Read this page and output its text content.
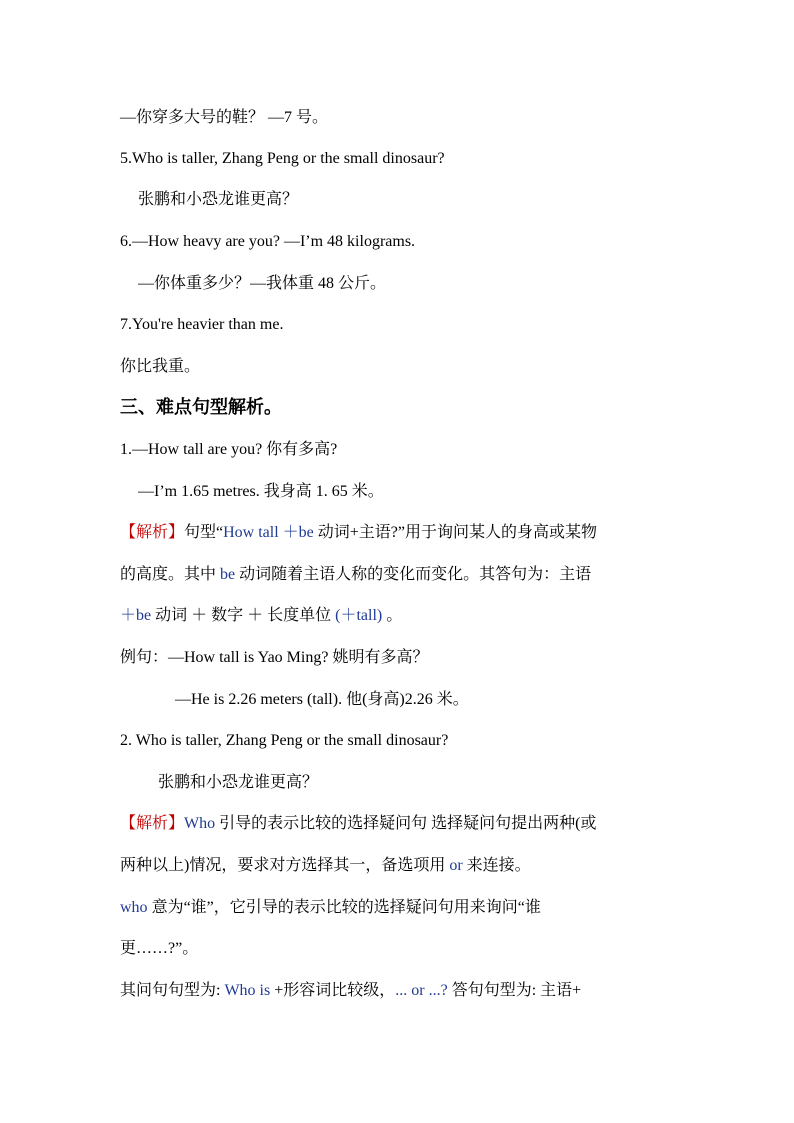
—你穿多大号的鞋？ —7 号。
5.Who is taller, Zhang Peng or the small dinosaur?
张鹏和小恐龙谁更高？
6.—How heavy are you? —I’m 48 kilograms.
—你体重多少？—我体重 48 公斤。
7.You're heavier than me.
你比我重。
三、难点句型解析。
1.—How tall are you? 你有多高?
—I’m 1.65 metres. 我身高 1. 65 米。
【解析】句型“How tall ＋be 动词+主语?”用于询问某人的身高或某物
的高度。其中 be 动词随着主语人称的变化而变化。其答句为：主语
＋be 动词 ＋ 数字 ＋ 长度单位 (＋tall) 。
例句：—How tall is Yao Ming? 姚明有多高？
—He is 2.26 meters (tall). 他(身高)2.26 米。
2. Who is taller, Zhang Peng or the small dinosaur?
张鹏和小恐龙谁更高？
【解析】Who 引导的表示比较的选择疑问句 选择疑问句提出两种(或
两种以上)情况，要求对方选择其一，备选项用 or 来连接。
who 意为“谁”，它引导的表示比较的选择疑问句用来询问“谁
更……?”。
其问句句型为: Who is +形容词比较级，... or ...? 答句句型为: 主语+
